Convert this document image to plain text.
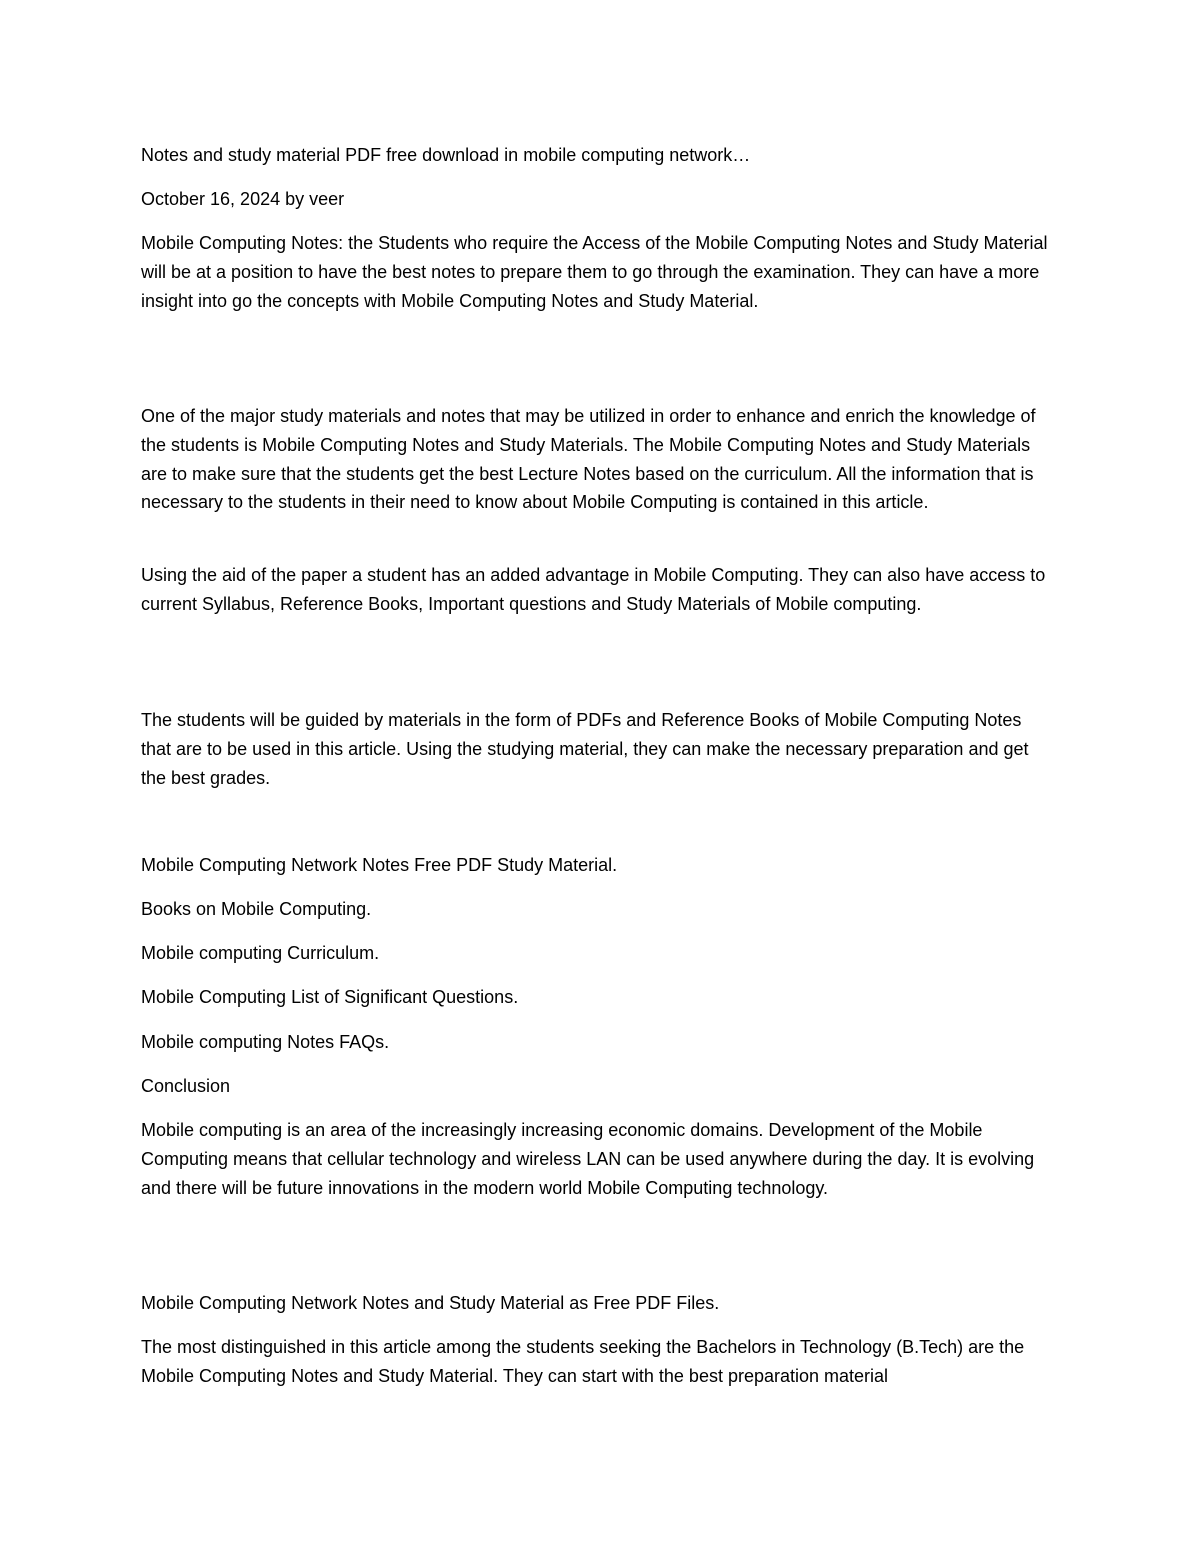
Notes and study material PDF free download in mobile computing network…

October 16, 2024 by veer

Mobile Computing Notes: the Students who require the Access of the Mobile Computing Notes and Study Material will be at a position to have the best notes to prepare them to go through the examination. They can have a more insight into go the concepts with Mobile Computing Notes and Study Material.

One of the major study materials and notes that may be utilized in order to enhance and enrich the knowledge of the students is Mobile Computing Notes and Study Materials. The Mobile Computing Notes and Study Materials are to make sure that the students get the best Lecture Notes based on the curriculum. All the information that is necessary to the students in their need to know about Mobile Computing is contained in this article.

Using the aid of the paper a student has an added advantage in Mobile Computing. They can also have access to current Syllabus, Reference Books, Important questions and Study Materials of Mobile computing.

The students will be guided by materials in the form of PDFs and Reference Books of Mobile Computing Notes that are to be used in this article. Using the studying material, they can make the necessary preparation and get the best grades.

Mobile Computing Network Notes Free PDF Study Material.

Books on Mobile Computing.

Mobile computing Curriculum.

Mobile Computing List of Significant Questions.

Mobile computing Notes FAQs.

Conclusion

Mobile computing is an area of the increasingly increasing economic domains. Development of the Mobile Computing means that cellular technology and wireless LAN can be used anywhere during the day. It is evolving and there will be future innovations in the modern world Mobile Computing technology.

Mobile Computing Network Notes and Study Material as Free PDF Files.

The most distinguished in this article among the students seeking the Bachelors in Technology (B.Tech) are the Mobile Computing Notes and Study Material. They can start with the best preparation material
